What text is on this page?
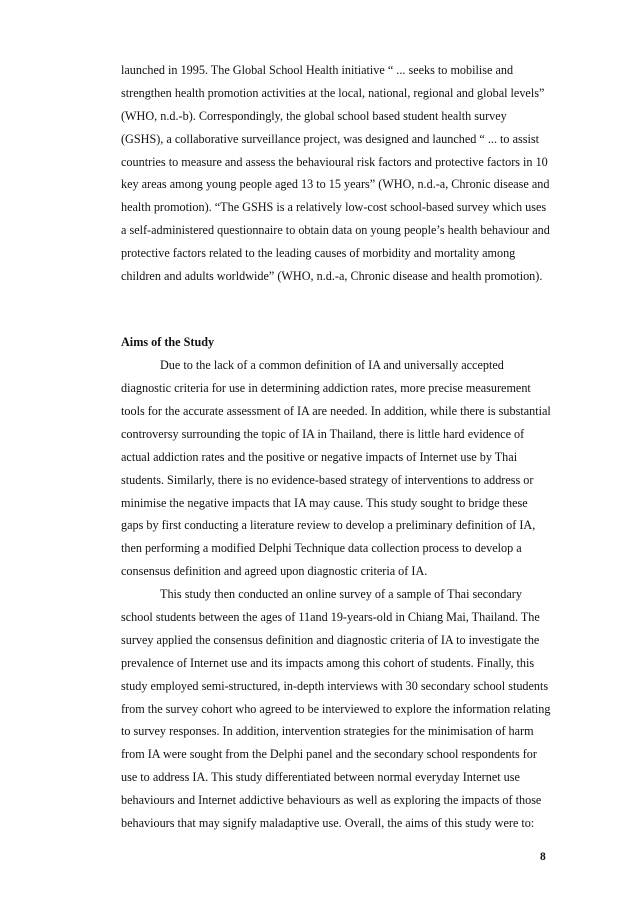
launched in 1995. The Global School Health initiative “ ... seeks to mobilise and

strengthen health promotion activities at the local, national, regional and global levels”

(WHO, n.d.-b). Correspondingly, the global school based student health survey

(GSHS), a collaborative surveillance project, was designed and launched “ ... to assist

countries to measure and assess the behavioural risk factors and protective factors in 10

key areas among young people aged 13 to 15 years” (WHO, n.d.-a, Chronic disease and

health promotion). “The GSHS is a relatively low-cost school-based survey which uses

a self-administered questionnaire to obtain data on young people’s health behaviour and

protective factors related to the leading causes of morbidity and mortality among

children and adults worldwide” (WHO, n.d.-a, Chronic disease and health promotion).

Aims of the Study

Due to the lack of a common definition of IA and universally accepted

diagnostic criteria for use in determining addiction rates, more precise measurement

tools for the accurate assessment of IA are needed. In addition, while there is substantial

controversy surrounding the topic of IA in Thailand, there is little hard evidence of

actual addiction rates and the positive or negative impacts of Internet use by Thai

students. Similarly, there is no evidence-based strategy of interventions to address or

minimise the negative impacts that IA may cause. This study sought to bridge these

gaps by first conducting a literature review to develop a preliminary definition of IA,

then performing a modified Delphi Technique data collection process to develop a

consensus definition and agreed upon diagnostic criteria of IA.

This study then conducted an online survey of a sample of Thai secondary

school students between the ages of 11and 19-years-old in Chiang Mai, Thailand. The

survey applied the consensus definition and diagnostic criteria of IA to investigate the

prevalence of Internet use and its impacts among this cohort of students. Finally, this

study employed semi-structured, in-depth interviews with 30 secondary school students

from the survey cohort who agreed to be interviewed to explore the information relating

to survey responses. In addition, intervention strategies for the minimisation of harm

from IA were sought from the Delphi panel and the secondary school respondents for

use to address IA. This study differentiated between normal everyday Internet use

behaviours and Internet addictive behaviours as well as exploring the impacts of those

behaviours that may signify maladaptive use. Overall, the aims of this study were to:

8
